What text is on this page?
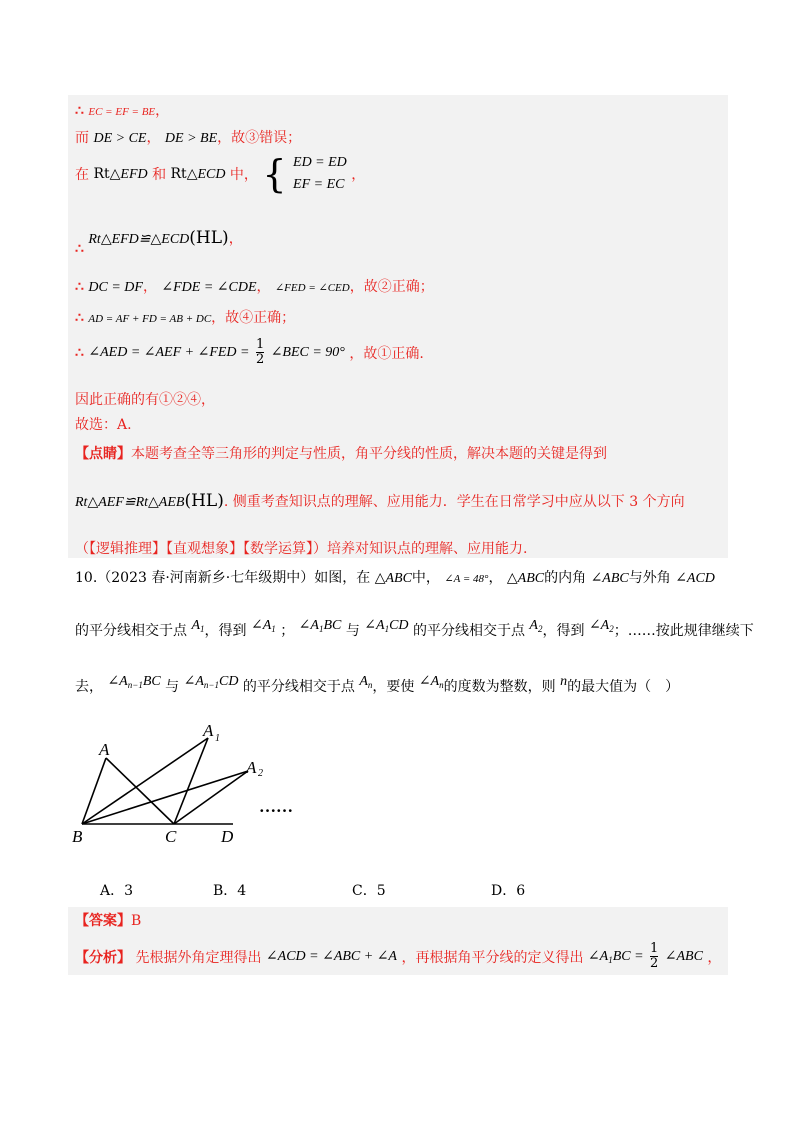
∴ EC = EF = BE，
而 DE > CE， DE > BE，故③错误；
在 Rt△EFD 和 Rt△ECD 中， { ED = ED
EF = EC
，
∴ Rt△EFD≌△ECD(HL)，
∴ DC = DF， ∠FDE = ∠CDE， ∠FED = ∠CED，故②正确；
∴ AD = AF + FD = AB + DC，故④正确；
∴ ∠AED = ∠AEF + ∠FED = $\frac{1}{2}$ ∠BEC = 90° ，故①正确.
因此正确的有①②④，
故选：A.
【点睛】本题考查全等三角形的判定与性质，角平分线的性质，解决本题的关键是得到
Rt△AEF≌Rt△AEB(HL). 侧重考查知识点的理解、应用能力．学生在日常学习中应从以下 3 个方向
（【逻辑推理】【直观想象】【数学运算】）培养对知识点的理解、应用能力.
10.（2023 春·河南新乡·七年级期中）如图，在 △ABC中， ∠A = 48°， △ABC的内角 ∠ABC与外角 ∠ACD
的平分线相交于点 $A_1$，得到 $\angle A_1$ ； $\angle A_1BC$ 与 $\angle A_1CD$ 的平分线相交于点 $A_2$，得到 $\angle A_2$；……按此规律继续下
去， $\angle A_{n-1}BC$ 与 $\angle A_{n-1}CD$ 的平分线相交于点 $A_n$，要使 $\angle A_n$的度数为整数，则 n的最大值为（　）
A
A 1
A 2
B	C	D
……
A．3	B．4	C．5	D．6
【答案】B
【分析】 先根据外角定理得出 ∠ACD = ∠ABC + ∠A ，再根据角平分线的定义得出 $\angle A_1BC = \frac{1}{2}$ ∠ABC ，
